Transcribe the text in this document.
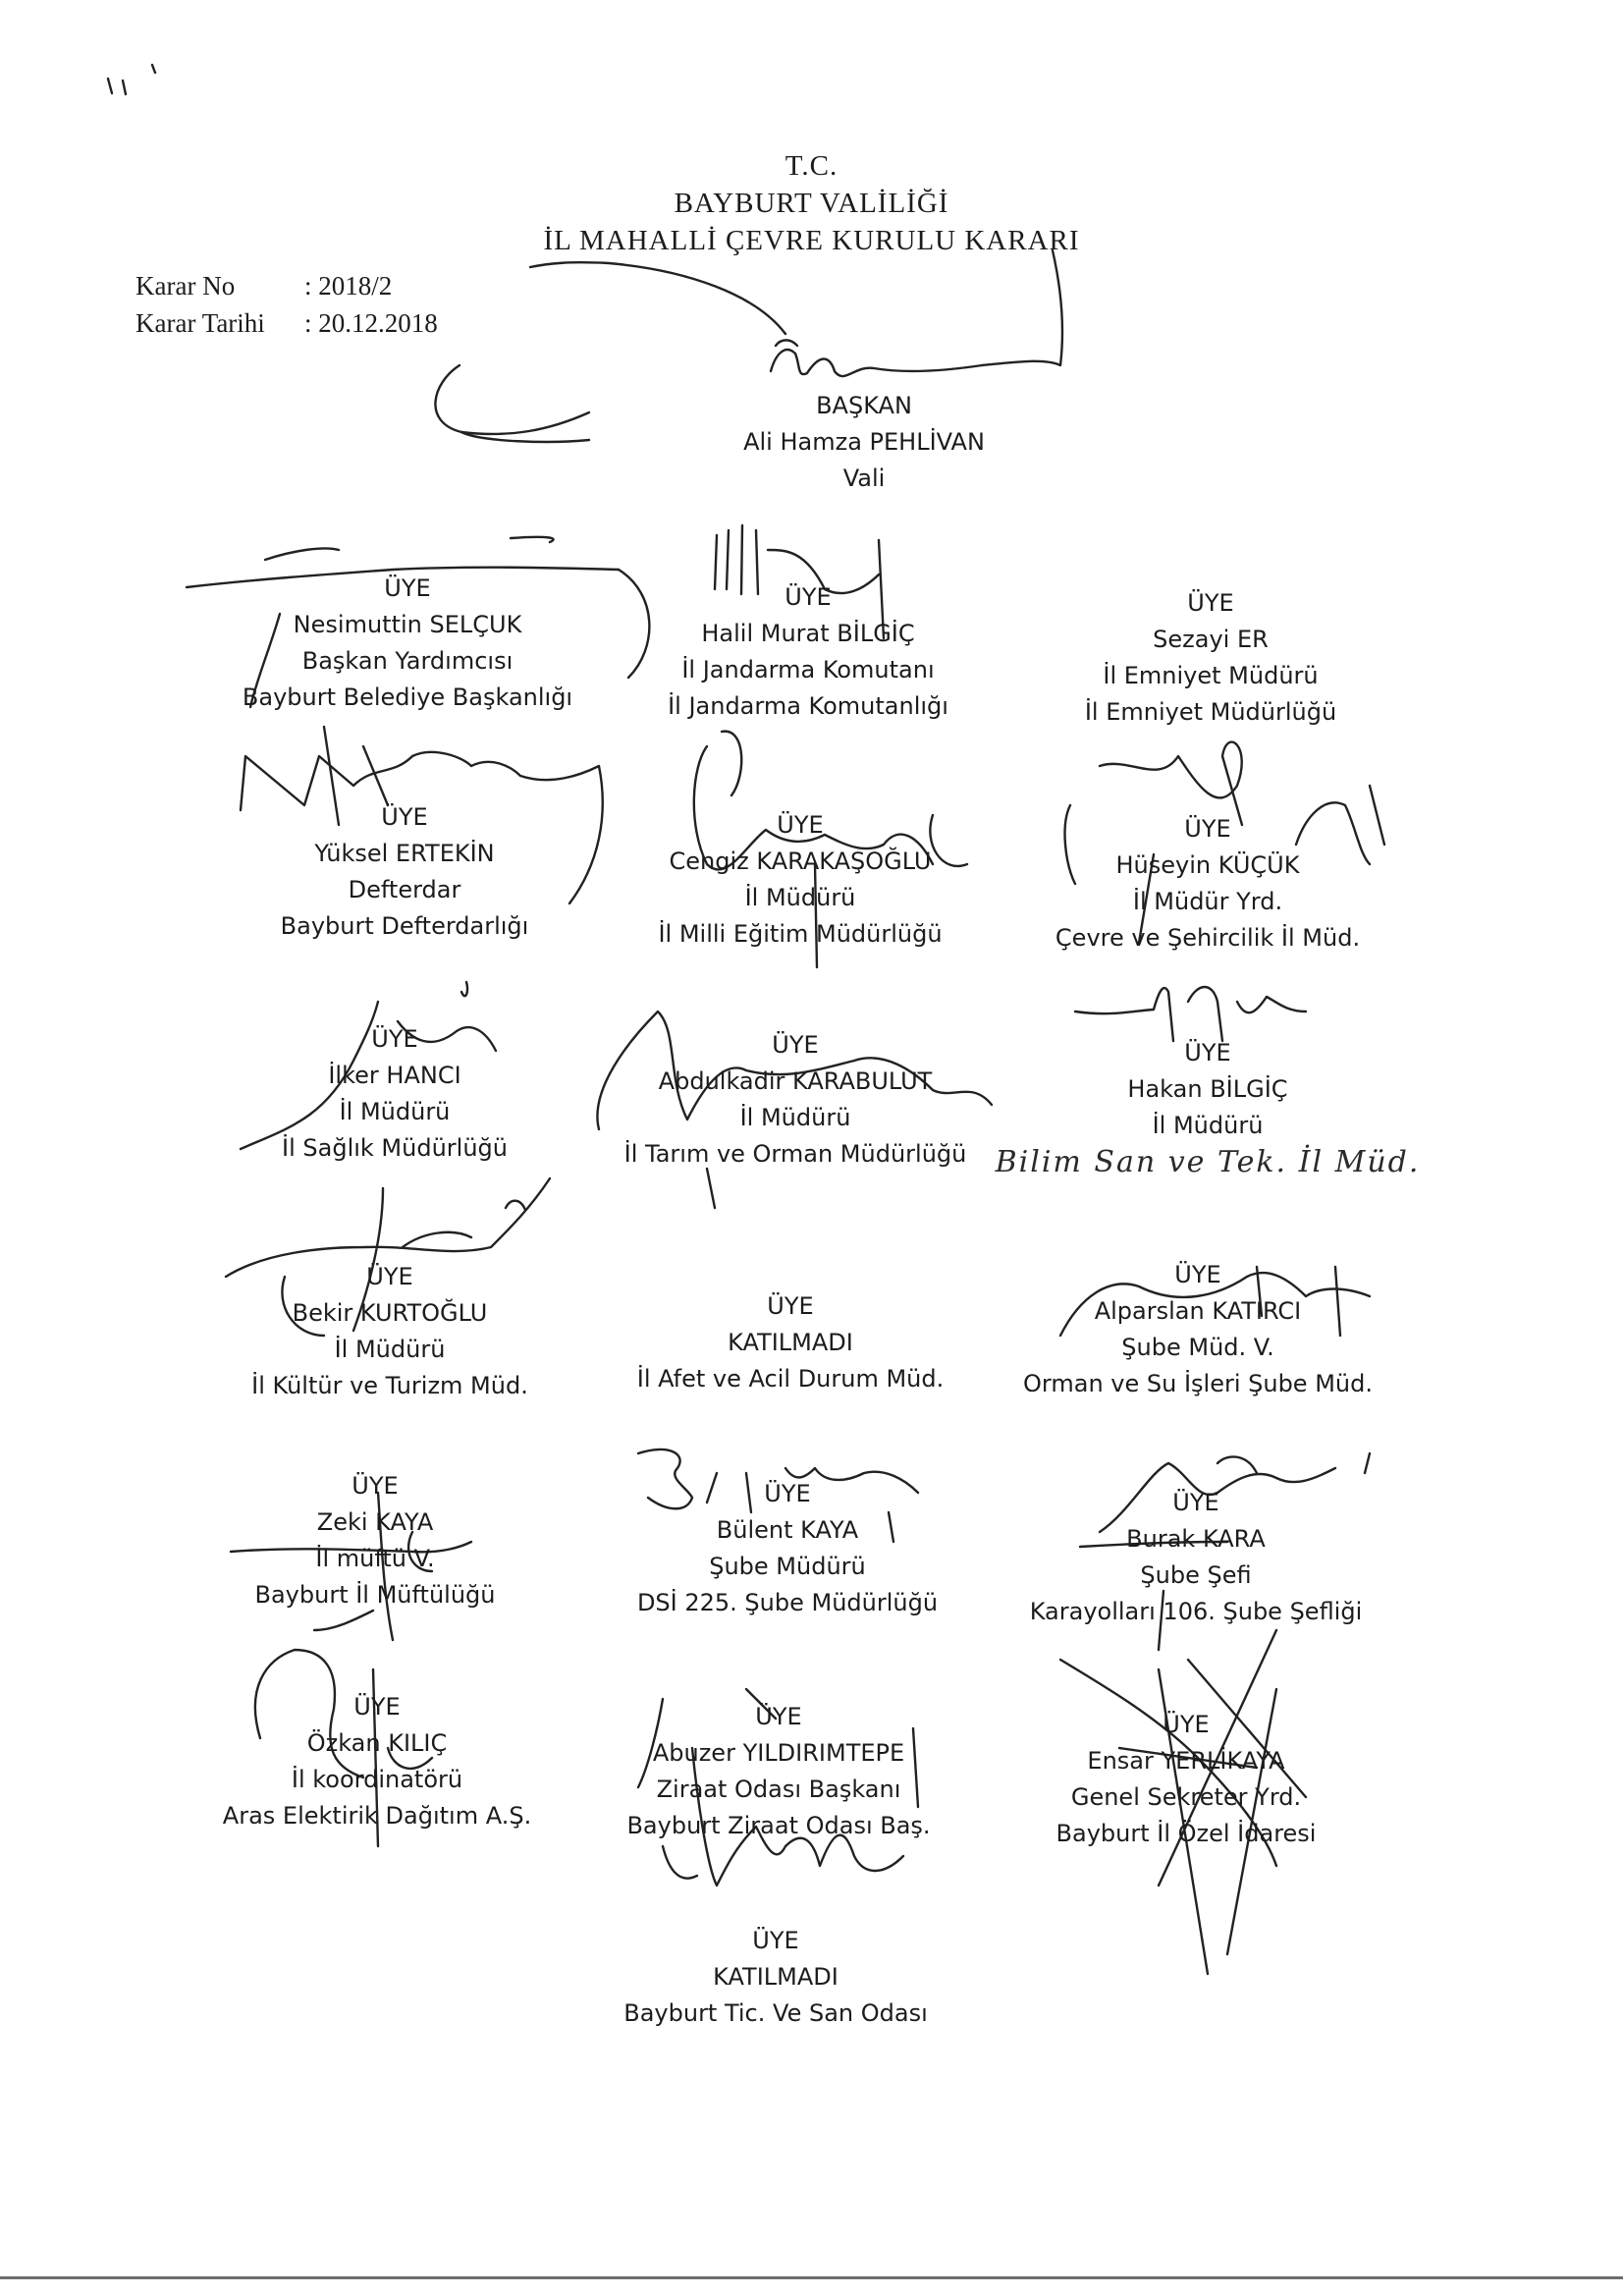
T.C.
BAYBURT VALİLİĞİ
İL MAHALLİ ÇEVRE KURULU KARARI
Karar No	: 2018/2
Karar Tarihi : 20.12.2018
BAŞKAN
Ali Hamza PEHLİVAN
Vali
ÜYE
Nesimuttin SELÇUK
Başkan Yardımcısı
Bayburt Belediye Başkanlığı
ÜYE
Halil Murat BİLGİÇ
İl Jandarma Komutanı
İl Jandarma Komutanlığı
ÜYE
Sezayi ER
İl Emniyet Müdürü
İl Emniyet Müdürlüğü
ÜYE
Yüksel ERTEKİN
Defterdar
Bayburt Defterdarlığı
ÜYE
Cengiz KARAKAŞOĞLU
İl Müdürü
İl Milli Eğitim Müdürlüğü
ÜYE
Hüseyin KÜÇÜK
İl Müdür Yrd.
Çevre ve Şehircilik İl Müd.
ÜYE
İlker HANCI
İl Müdürü
İl Sağlık Müdürlüğü
ÜYE
Abdulkadir KARABULUT
İl Müdürü
İl Tarım ve Orman Müdürlüğü
ÜYE
Hakan BİLGİÇ
İl Müdürü
Bilim San ve Tek. İl Müd.
ÜYE
Bekir KURTOĞLU
İl Müdürü
İl Kültür ve Turizm Müd.
ÜYE
KATILMADI
İl Afet ve Acil Durum Müd.
ÜYE
Alparslan KATIRCI
Şube Müd. V.
Orman ve Su İşleri Şube Müd.
ÜYE
Zeki KAYA
İl müftü V.
Bayburt İl Müftülüğü
ÜYE
Bülent KAYA
Şube Müdürü
DSİ 225. Şube Müdürlüğü
ÜYE
Burak KARA
Şube Şefi
Karayolları 106. Şube Şefliği
ÜYE
Özkan KILIÇ
İl koordinatörü
Aras Elektirik Dağıtım A.Ş.
ÜYE
Abuzer YILDIRIMTEPE
Ziraat Odası Başkanı
Bayburt Ziraat Odası Baş.
ÜYE
Ensar YERLİKAYA
Genel Sekreter Yrd.
Bayburt İl Özel İdaresi
ÜYE
KATILMADI
Bayburt Tic. Ve San Odası
